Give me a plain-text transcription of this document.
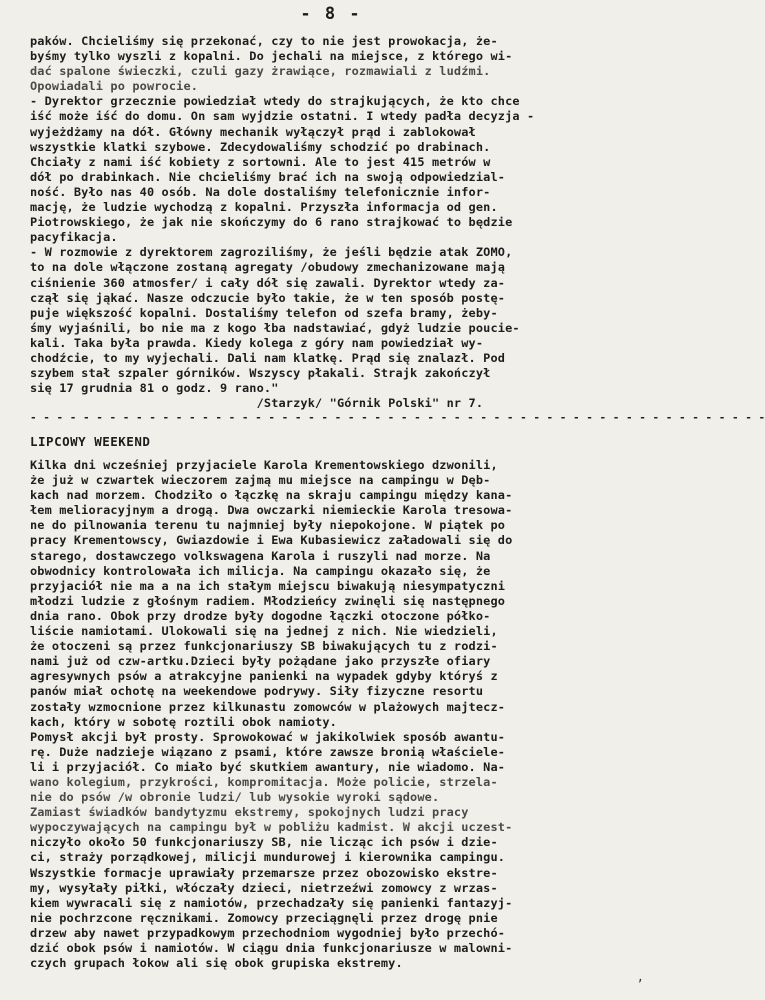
- 8 -
paków. Chcieliśmy się przekonać, czy to nie jest prowokacja, że-
byśmy tylko wyszli z kopalni. Do jechali na miejsce, z którego wi-
dać spalone świeczki, czuli gazy żrawiące, rozmawiali z ludźmi.
Opowiadali po powrocie.
- Dyrektor grzecznie powiedział wtedy do strajkujących, że kto chce
iść może iść do domu. On sam wyjdzie ostatni. I wtedy padła decyzja -
wyjeżdżamy na dół. Główny mechanik wyłączył prąd i zablokował
wszystkie klatki szybowe. Zdecydowaliśmy schodzić po drabinach.
Chciały z nami iść kobiety z sortowni. Ale to jest 415 metrów w
dół po drabinkach. Nie chcieliśmy brać ich na swoją odpowiedzial-
ność. Było nas 40 osób. Na dole dostaliśmy telefonicznie infor-
mację, że ludzie wychodzą z kopalni. Przyszła informacja od gen.
Piotrowskiego, że jak nie skończymy do 6 rano strajkować to będzie
pacyfikacja.
- W rozmowie z dyrektorem zagroziliśmy, że jeśli będzie atak ZOMO,
to na dole włączone zostaną agregaty /obudowy zmechanizowane mają
ciśnienie 360 atmosfer/ i cały dół się zawali. Dyrektor wtedy za-
czął się jąkać. Nasze odczucie było takie, że w ten sposób postę-
puje większość kopalni. Dostaliśmy telefon od szefa bramy, żeby-
śmy wyjaśnili, bo nie ma z kogo łba nadstawiać, gdyż ludzie poucie-
kali. Taka była prawda. Kiedy kolega z góry nam powiedział wy-
chodźcie, to my wyjechali. Dali nam klatkę. Prąd się znalazł. Pod
szybem stał szpaler górników. Wszyscy płakali. Strajk zakończył
się 17 grudnia 81 o godz. 9 rano."
/Starzyk/ "Górnik Polski" nr 7.
- - - - - - - - - - - - - - - - - - - - - - - - - - - - - - - - - - - - - - - - - - - - - - - - - - - - - - - -
LIPCOWY WEEKEND
Kilka dni wcześniej przyjaciele Karola Krementowskiego dzwonili,
że już w czwartek wieczorem zajmą mu miejsce na campingu w Dęb-
kach nad morzem. Chodziło o łączkę na skraju campingu między kana-
łem melioracyjnym a drogą. Dwa owczarki niemieckie Karola tresowa-
ne do pilnowania terenu tu najmniej były niepokojone. W piątek po
pracy Krementowscy, Gwiazdowie i Ewa Kubasiewicz załadowali się do
starego, dostawczego volkswagena Karola i ruszyli nad morze. Na
obwodnicy kontrolowała ich milicja. Na campingu okazało się, że
przyjaciół nie ma a na ich stałym miejscu biwakują niesympatyczni
młodzi ludzie z głośnym radiem. Młodzieńcy zwinęli się następnego
dnia rano. Obok przy drodze były dogodne łączki otoczone półko-
liście namiotami. Ulokowali się na jednej z nich. Nie wiedzieli,
że otoczeni są przez funkcjonariuszy SB biwakujących tu z rodzi-
nami już od czw-artku.Dzieci były pożądane jako przyszłe ofiary
agresywnych psów a atrakcyjne panienki na wypadek gdyby któryś z
panów miał ochotę na weekendowe podrywy. Siły fizyczne resortu
zostały wzmocnione przez kilkunastu zomowców w plażowych majtecz-
kach, który w sobotę roztili obok namioty.
Pomysł akcji był prosty. Sprowokować w jakikolwiek sposób awantu-
rę. Duże nadzieje wiązano z psami, które zawsze bronią właściele-
li i przyjaciół. Co miało być skutkiem awantury, nie wiadomo. Na-
wano kolegium, przykrości, kompromitacja. Może policie, strzela-
nie do psów /w obronie ludzi/ lub wysokie wyroki sądowe.
Zamiast świadków bandytyzmu ekstremy, spokojnych ludzi pracy
wypoczywających na campingu był w pobliżu kadmist. W akcji uczest-
niczyło około 50 funkcjonariuszy SB, nie licząc ich psów i dzie-
ci, straży porządkowej, milicji mundurowej i kierownika campingu.
Wszystkie formacje uprawiały przemarsze przez obozowisko ekstre-
my, wysyłały piłki, włóczały dzieci, nietrzeźwi zomowcy z wrzas-
kiem wywracali się z namiotów, przechadzały się panienki fantazyj-
nie pochrzcone ręcznikami. Zomowcy przeciągnęli przez drogę pnie
drzew aby nawet przypadkowym przechodniom wygodniej było przechó-
dzić obok psów i namiotów. W ciągu dnia funkcjonariusze w malowni-
czych grupach łokow ali się obok grupiska ekstremy.
‚
